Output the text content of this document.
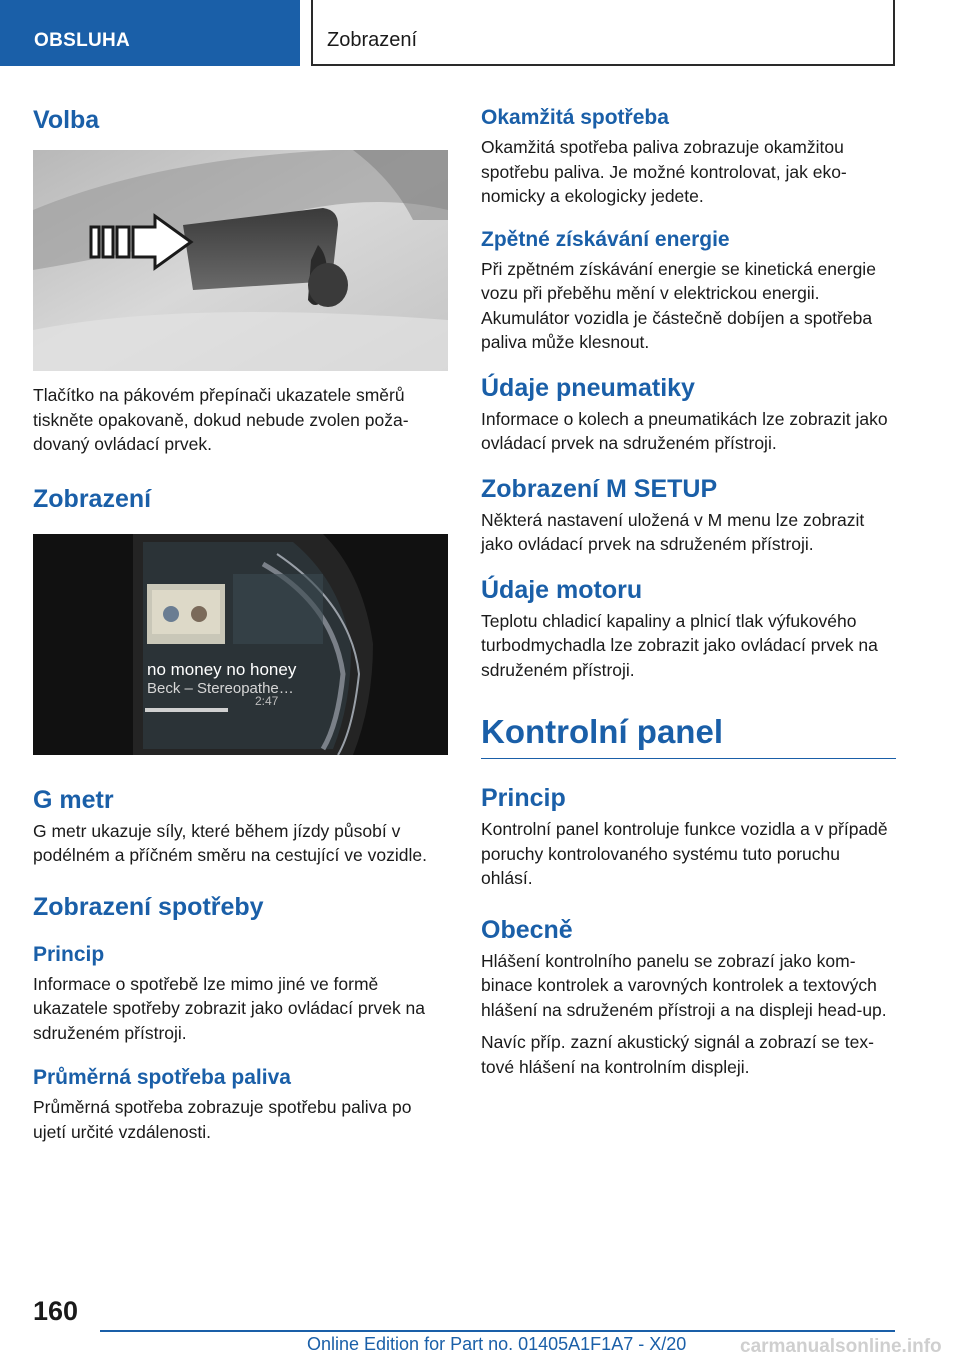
OBSLUHA	Zobrazení
Volba
Tlačítko na pákovém přepínači ukazatele směrů tiskněte opakovaně, dokud nebude zvolen požadovaný ovládací prvek.
Zobrazení
no money no honey
Beck – Stereopathe…
2:47
G metr
G metr ukazuje síly, které během jízdy působí v podélném a příčném směru na cestující ve vozidle.
Zobrazení spotřeby
Princip
Informace o spotřebě lze mimo jiné ve formě ukazatele spotřeby zobrazit jako ovládací prvek na sdruženém přístroji.
Průměrná spotřeba paliva
Průměrná spotřeba zobrazuje spotřebu paliva po ujetí určité vzdálenosti.
Okamžitá spotřeba
Okamžitá spotřeba paliva zobrazuje okamžitou spotřebu paliva. Je možné kontrolovat, jak ekonomicky a ekologicky jedete.
Zpětné získávání energie
Při zpětném získávání energie se kinetická energie vozu při přeběhu mění v elektrickou energii. Akumulátor vozidla je částečně dobíjen a spotřeba paliva může klesnout.
Údaje pneumatiky
Informace o kolech a pneumatikách lze zobrazit jako ovládací prvek na sdruženém přístroji.
Zobrazení M SETUP
Některá nastavení uložená v M menu lze zobrazit jako ovládací prvek na sdruženém přístroji.
Údaje motoru
Teplotu chladicí kapaliny a plnicí tlak výfukového turbodmychadla lze zobrazit jako ovládací prvek na sdruženém přístroji.
Kontrolní panel
Princip
Kontrolní panel kontroluje funkce vozidla a v případě poruchy kontrolovaného systému tuto poruchu ohlásí.
Obecně
Hlášení kontrolního panelu se zobrazí jako kombinace kontrolek a varovných kontrolek a textových hlášení na sdruženém přístroji a na displeji head-up.
Navíc příp. zazní akustický signál a zobrazí se textové hlášení na kontrolním displeji.
160
Online Edition for Part no. 01405A1F1A7 - X/20	carmanualsonline.info
